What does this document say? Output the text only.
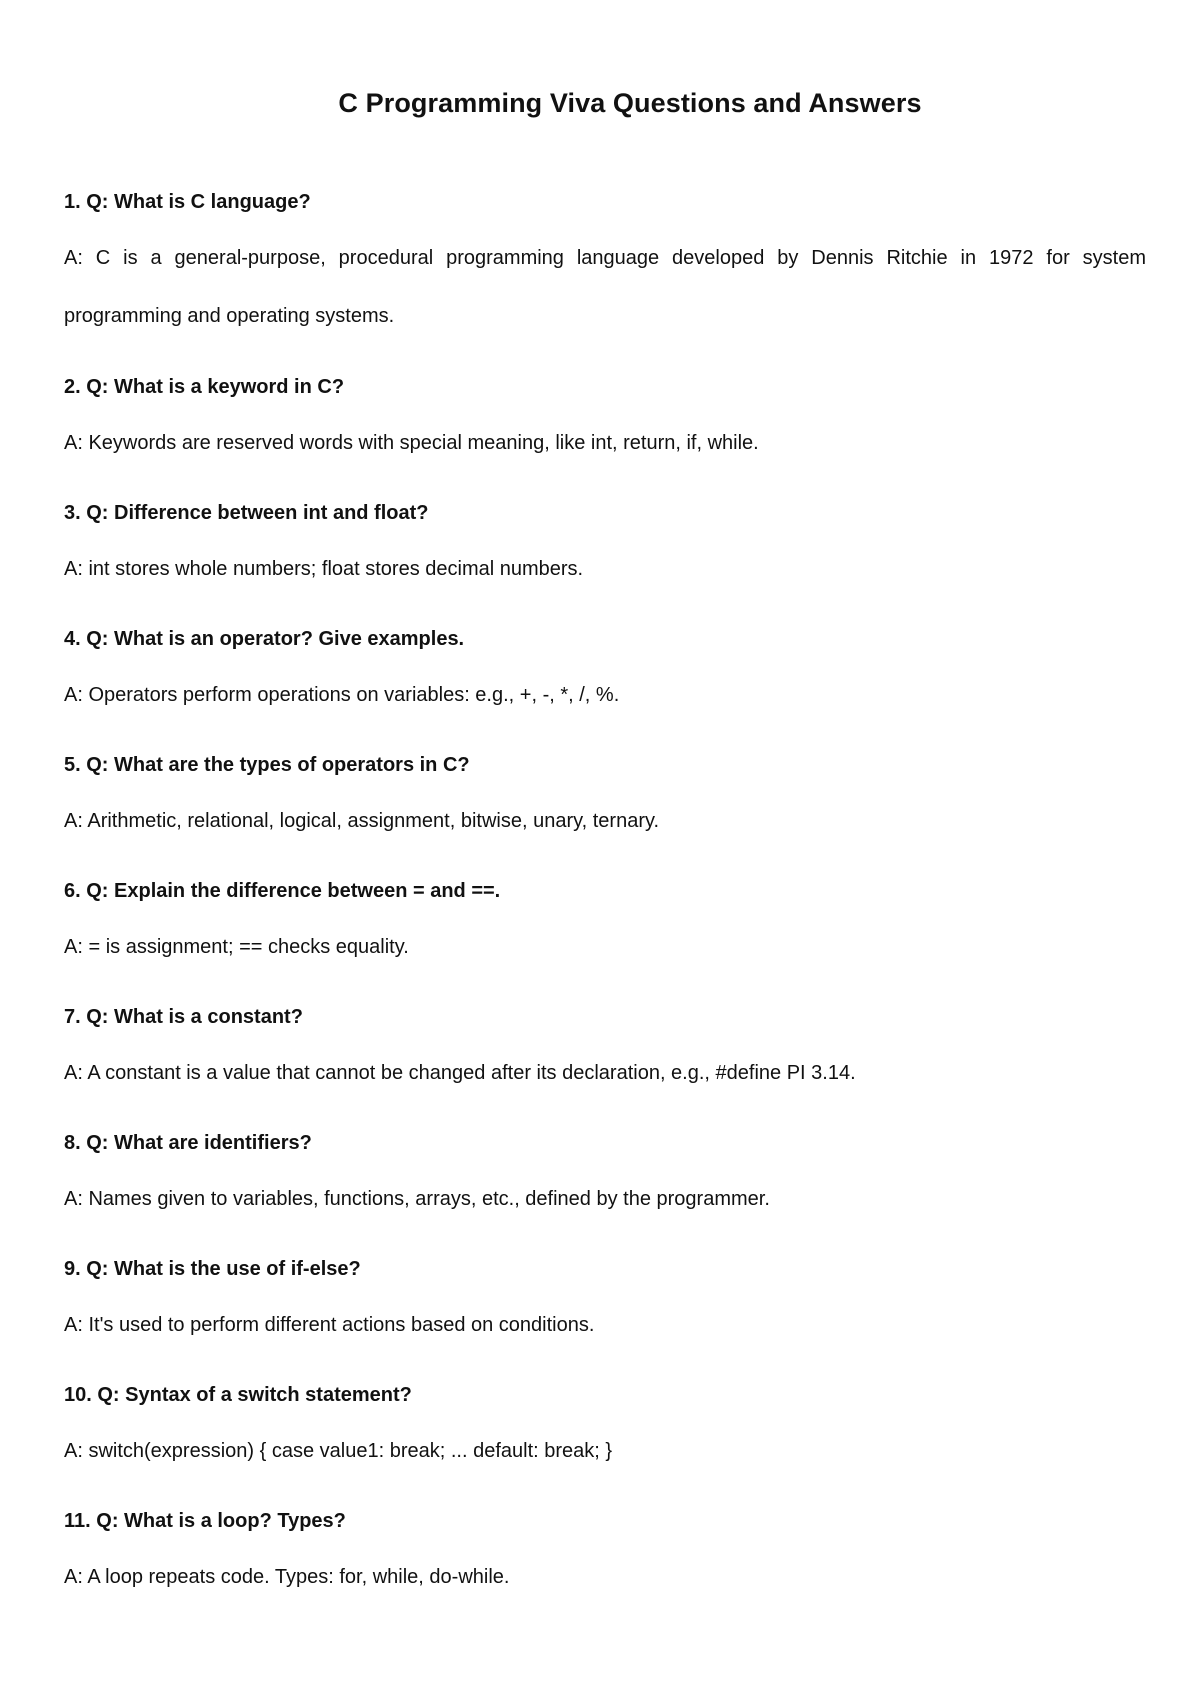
C Programming Viva Questions and Answers

1. Q: What is C language?

A: C is a general-purpose, procedural programming language developed by Dennis Ritchie in 1972 for system programming and operating systems.

2. Q: What is a keyword in C?

A: Keywords are reserved words with special meaning, like int, return, if, while.

3. Q: Difference between int and float?

A: int stores whole numbers; float stores decimal numbers.

4. Q: What is an operator? Give examples.

A: Operators perform operations on variables: e.g., +, -, *, /, %.

5. Q: What are the types of operators in C?

A: Arithmetic, relational, logical, assignment, bitwise, unary, ternary.

6. Q: Explain the difference between = and ==.

A: = is assignment; == checks equality.

7. Q: What is a constant?

A: A constant is a value that cannot be changed after its declaration, e.g., #define PI 3.14.

8. Q: What are identifiers?

A: Names given to variables, functions, arrays, etc., defined by the programmer.

9. Q: What is the use of if-else?

A: It's used to perform different actions based on conditions.

10. Q: Syntax of a switch statement?

A: switch(expression) { case value1: break; ... default: break; }

11. Q: What is a loop? Types?

A: A loop repeats code. Types: for, while, do-while.
